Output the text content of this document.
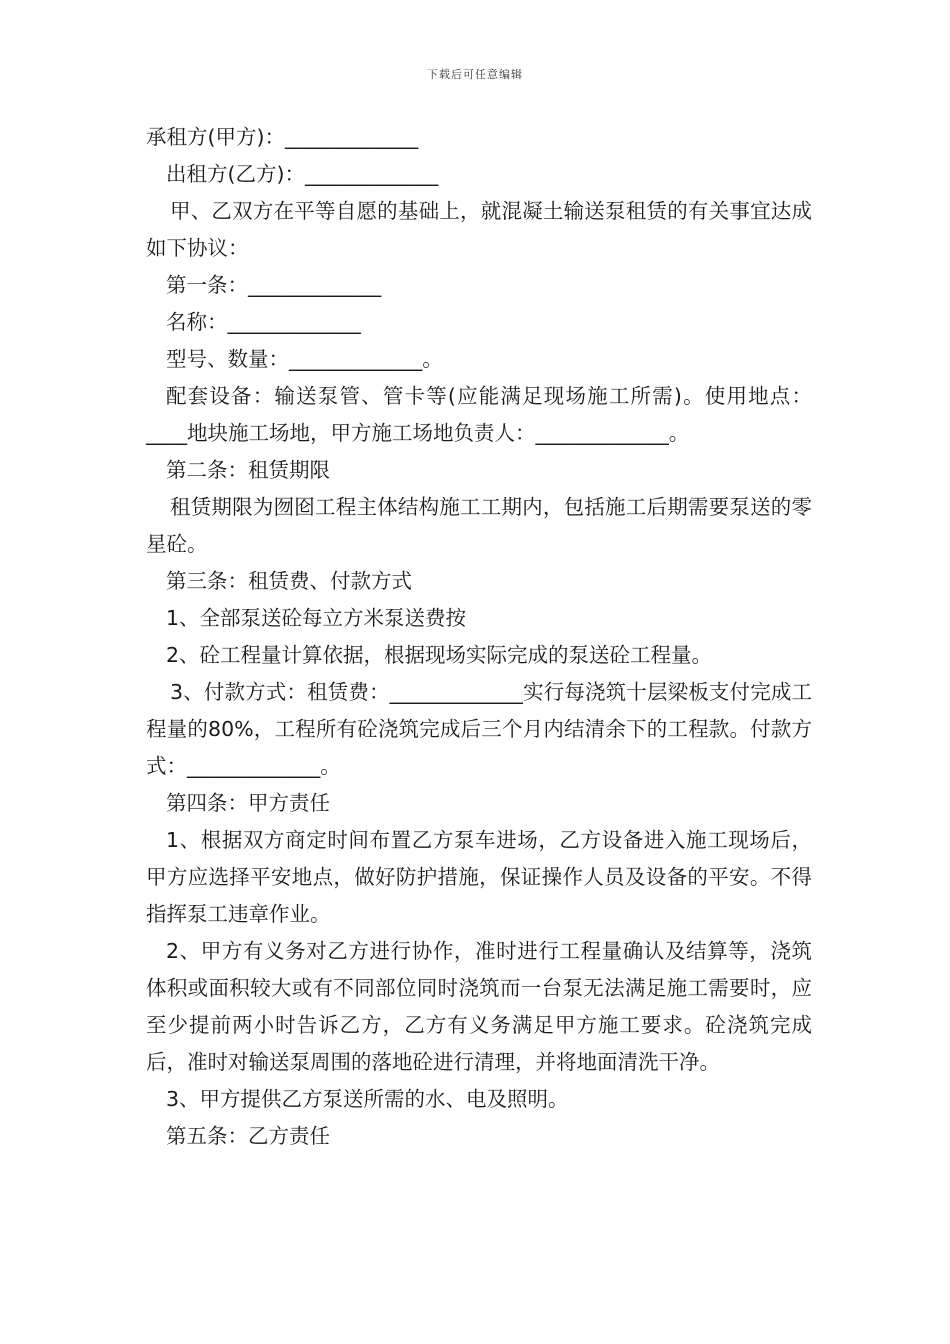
下载后可任意编辑

承租方(甲方)：_____________

出租方(乙方)：_____________

甲、乙双方在平等自愿的基础上，就混凝土输送泵租赁的有关事宜达成如下协议：

第一条：_____________

名称：_____________

型号、数量：_____________。

配套设备：输送泵管、管卡等(应能满足现场施工所需)。使用地点：____地块施工场地，甲方施工场地负责人：_____________。

第二条：租赁期限

租赁期限为囫囵工程主体结构施工工期内，包括施工后期需要泵送的零星砼。

第三条：租赁费、付款方式

1、全部泵送砼每立方米泵送费按

2、砼工程量计算依据，根据现场实际完成的泵送砼工程量。

3、付款方式：租赁费：_____________实行每浇筑十层梁板支付完成工程量的80%，工程所有砼浇筑完成后三个月内结清余下的工程款。付款方式：_____________。

第四条：甲方责任

1、根据双方商定时间布置乙方泵车进场，乙方设备进入施工现场后，甲方应选择平安地点，做好防护措施，保证操作人员及设备的平安。不得指挥泵工违章作业。

2、甲方有义务对乙方进行协作，准时进行工程量确认及结算等，浇筑体积或面积较大或有不同部位同时浇筑而一台泵无法满足施工需要时，应至少提前两小时告诉乙方，乙方有义务满足甲方施工要求。砼浇筑完成后，准时对输送泵周围的落地砼进行清理，并将地面清洗干净。

3、甲方提供乙方泵送所需的水、电及照明。

第五条：乙方责任
